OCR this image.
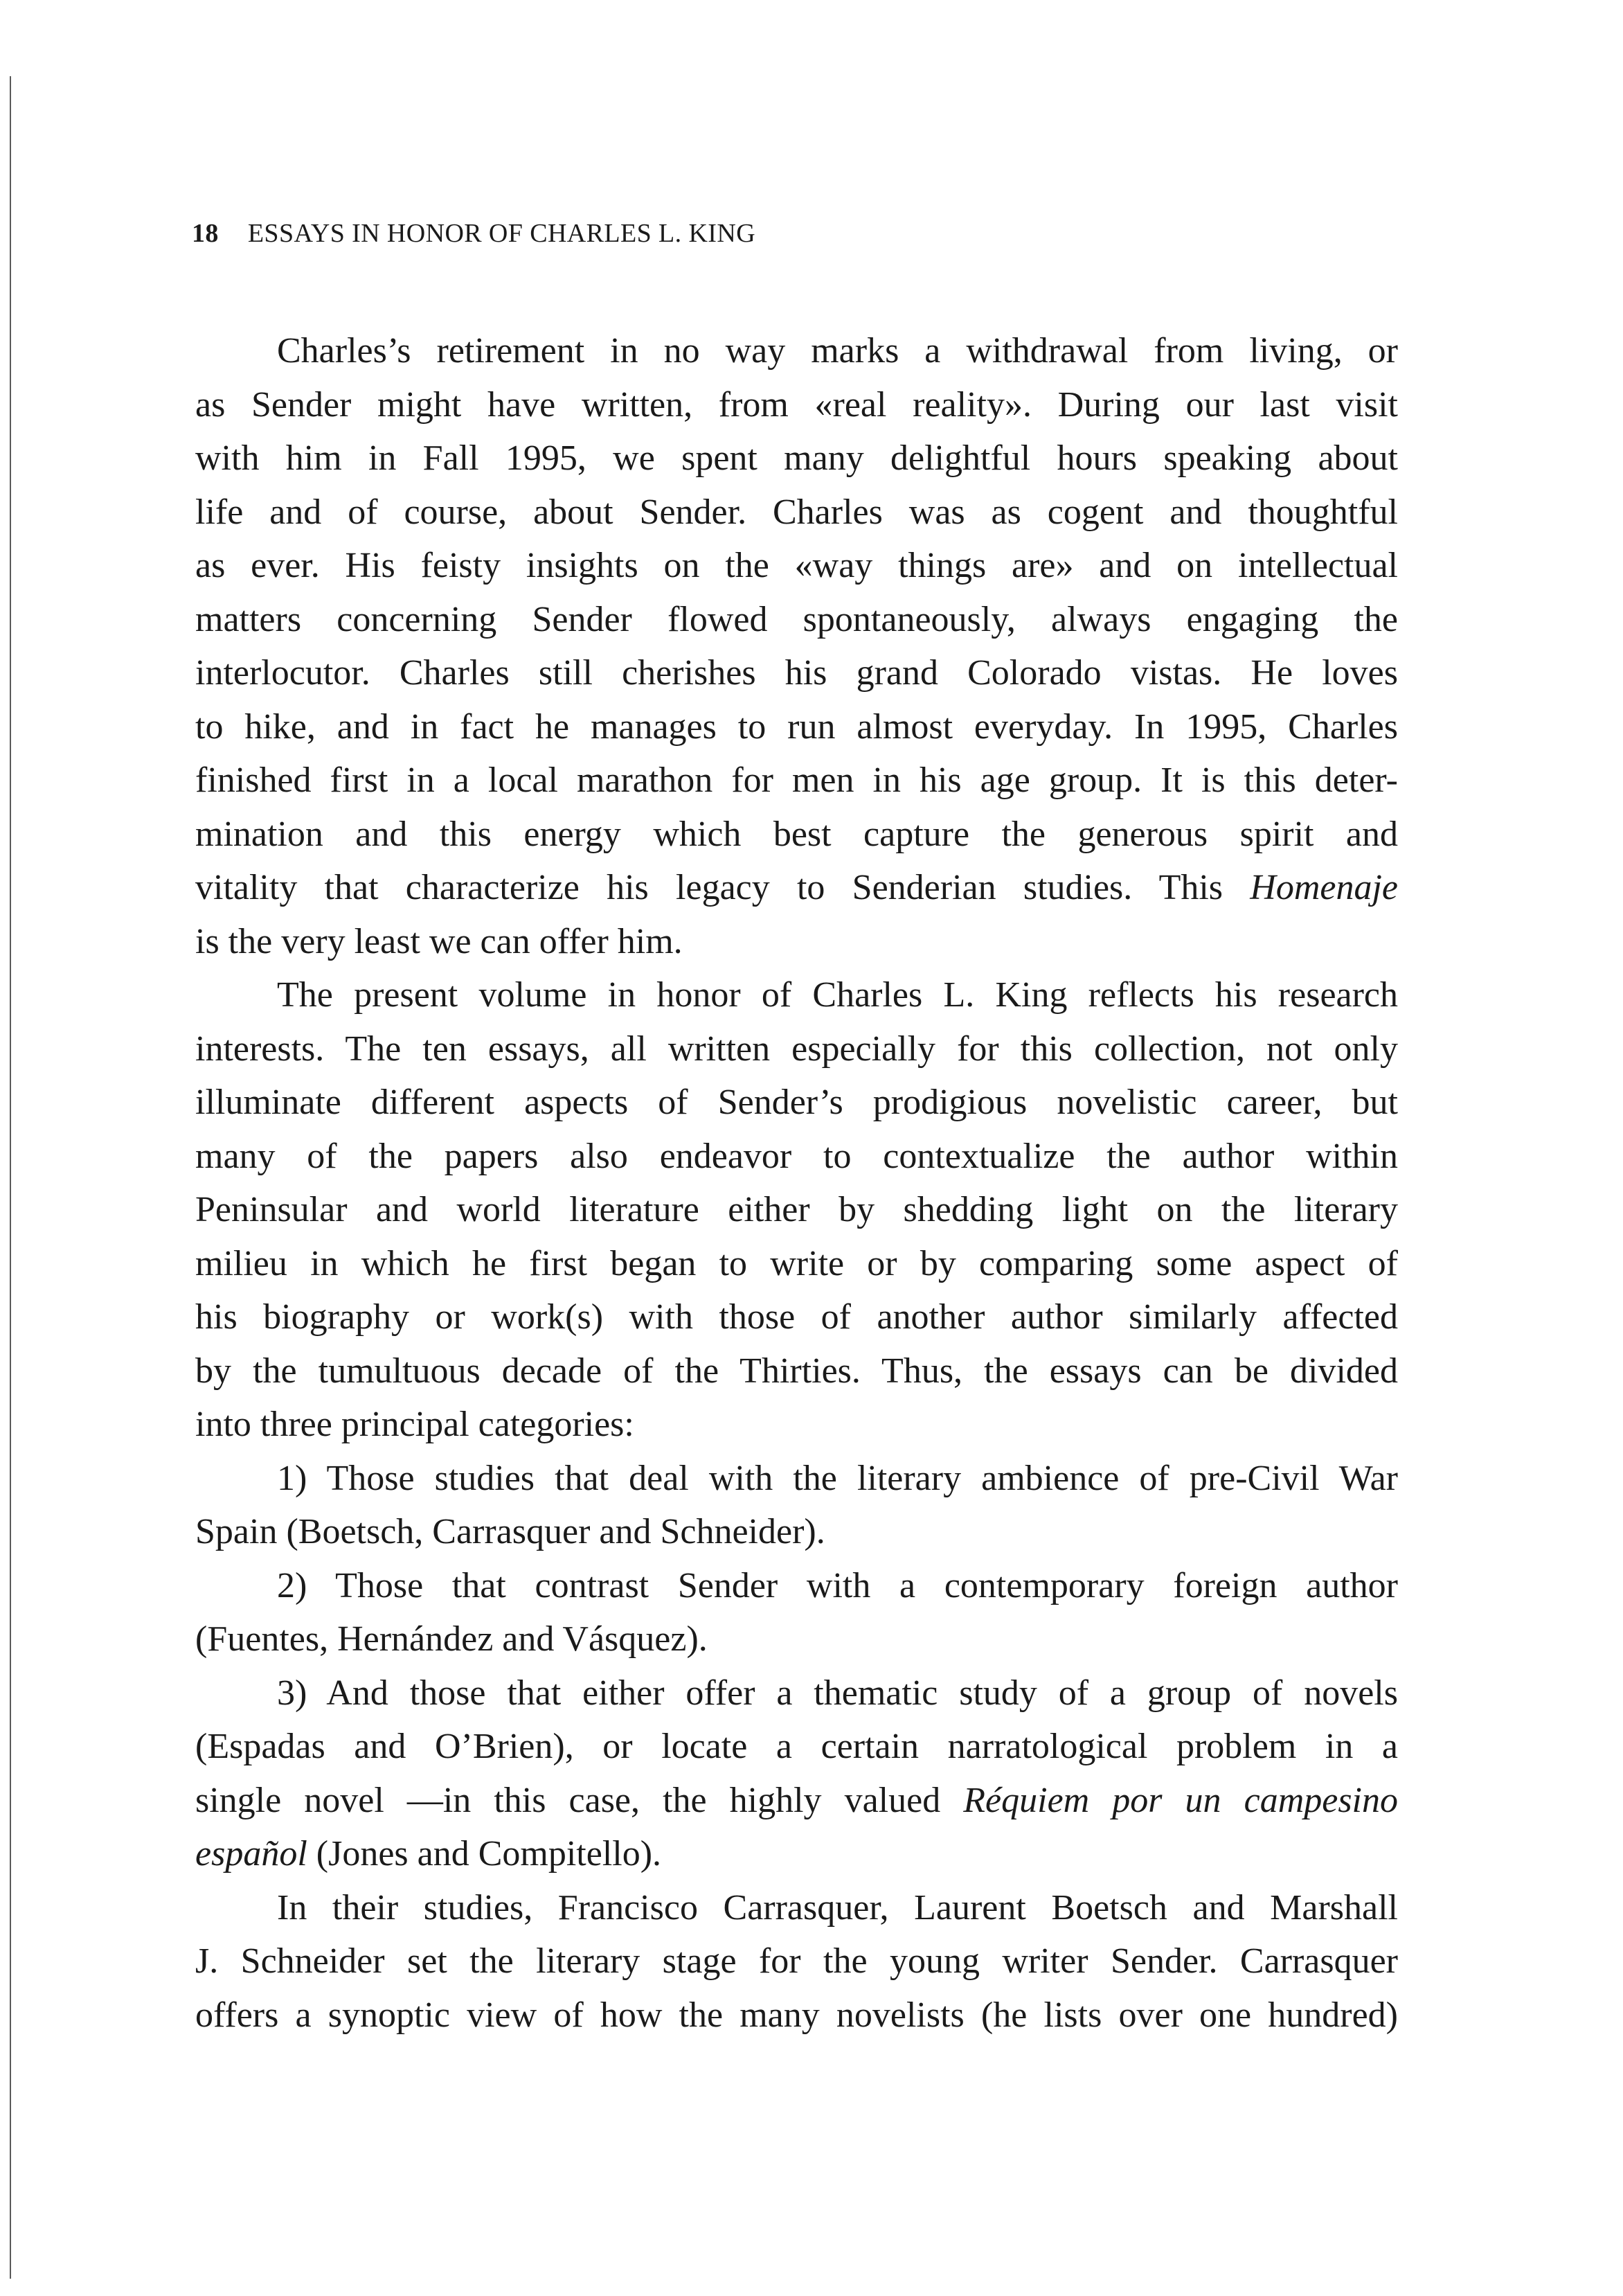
18 ESSAYS IN HONOR OF CHARLES L. KING
Charles’s retirement in no way marks a withdrawal from living, or
as Sender might have written, from «real reality». During our last visit
with him in Fall 1995, we spent many delightful hours speaking about
life and of course, about Sender. Charles was as cogent and thoughtful
as ever. His feisty insights on the «way things are» and on intellectual
matters concerning Sender flowed spontaneously, always engaging the
interlocutor. Charles still cherishes his grand Colorado vistas. He loves
to hike, and in fact he manages to run almost everyday. In 1995, Charles
finished first in a local marathon for men in his age group. It is this deter-
mination and this energy which best capture the generous spirit and
vitality that characterize his legacy to Senderian studies. This Homenaje
is the very least we can offer him.
The present volume in honor of Charles L. King reflects his research
interests. The ten essays, all written especially for this collection, not only
illuminate different aspects of Sender’s prodigious novelistic career, but
many of the papers also endeavor to contextualize the author within
Peninsular and world literature either by shedding light on the literary
milieu in which he first began to write or by comparing some aspect of
his biography or work(s) with those of another author similarly affected
by the tumultuous decade of the Thirties. Thus, the essays can be divided
into three principal categories:
1) Those studies that deal with the literary ambience of pre-Civil War
Spain (Boetsch, Carrasquer and Schneider).
2) Those that contrast Sender with a contemporary foreign author
(Fuentes, Hernández and Vásquez).
3) And those that either offer a thematic study of a group of novels
(Espadas and O’Brien), or locate a certain narratological problem in a
single novel —in this case, the highly valued Réquiem por un campesino
español (Jones and Compitello).
In their studies, Francisco Carrasquer, Laurent Boetsch and Marshall
J. Schneider set the literary stage for the young writer Sender. Carrasquer
offers a synoptic view of how the many novelists (he lists over one hundred)
